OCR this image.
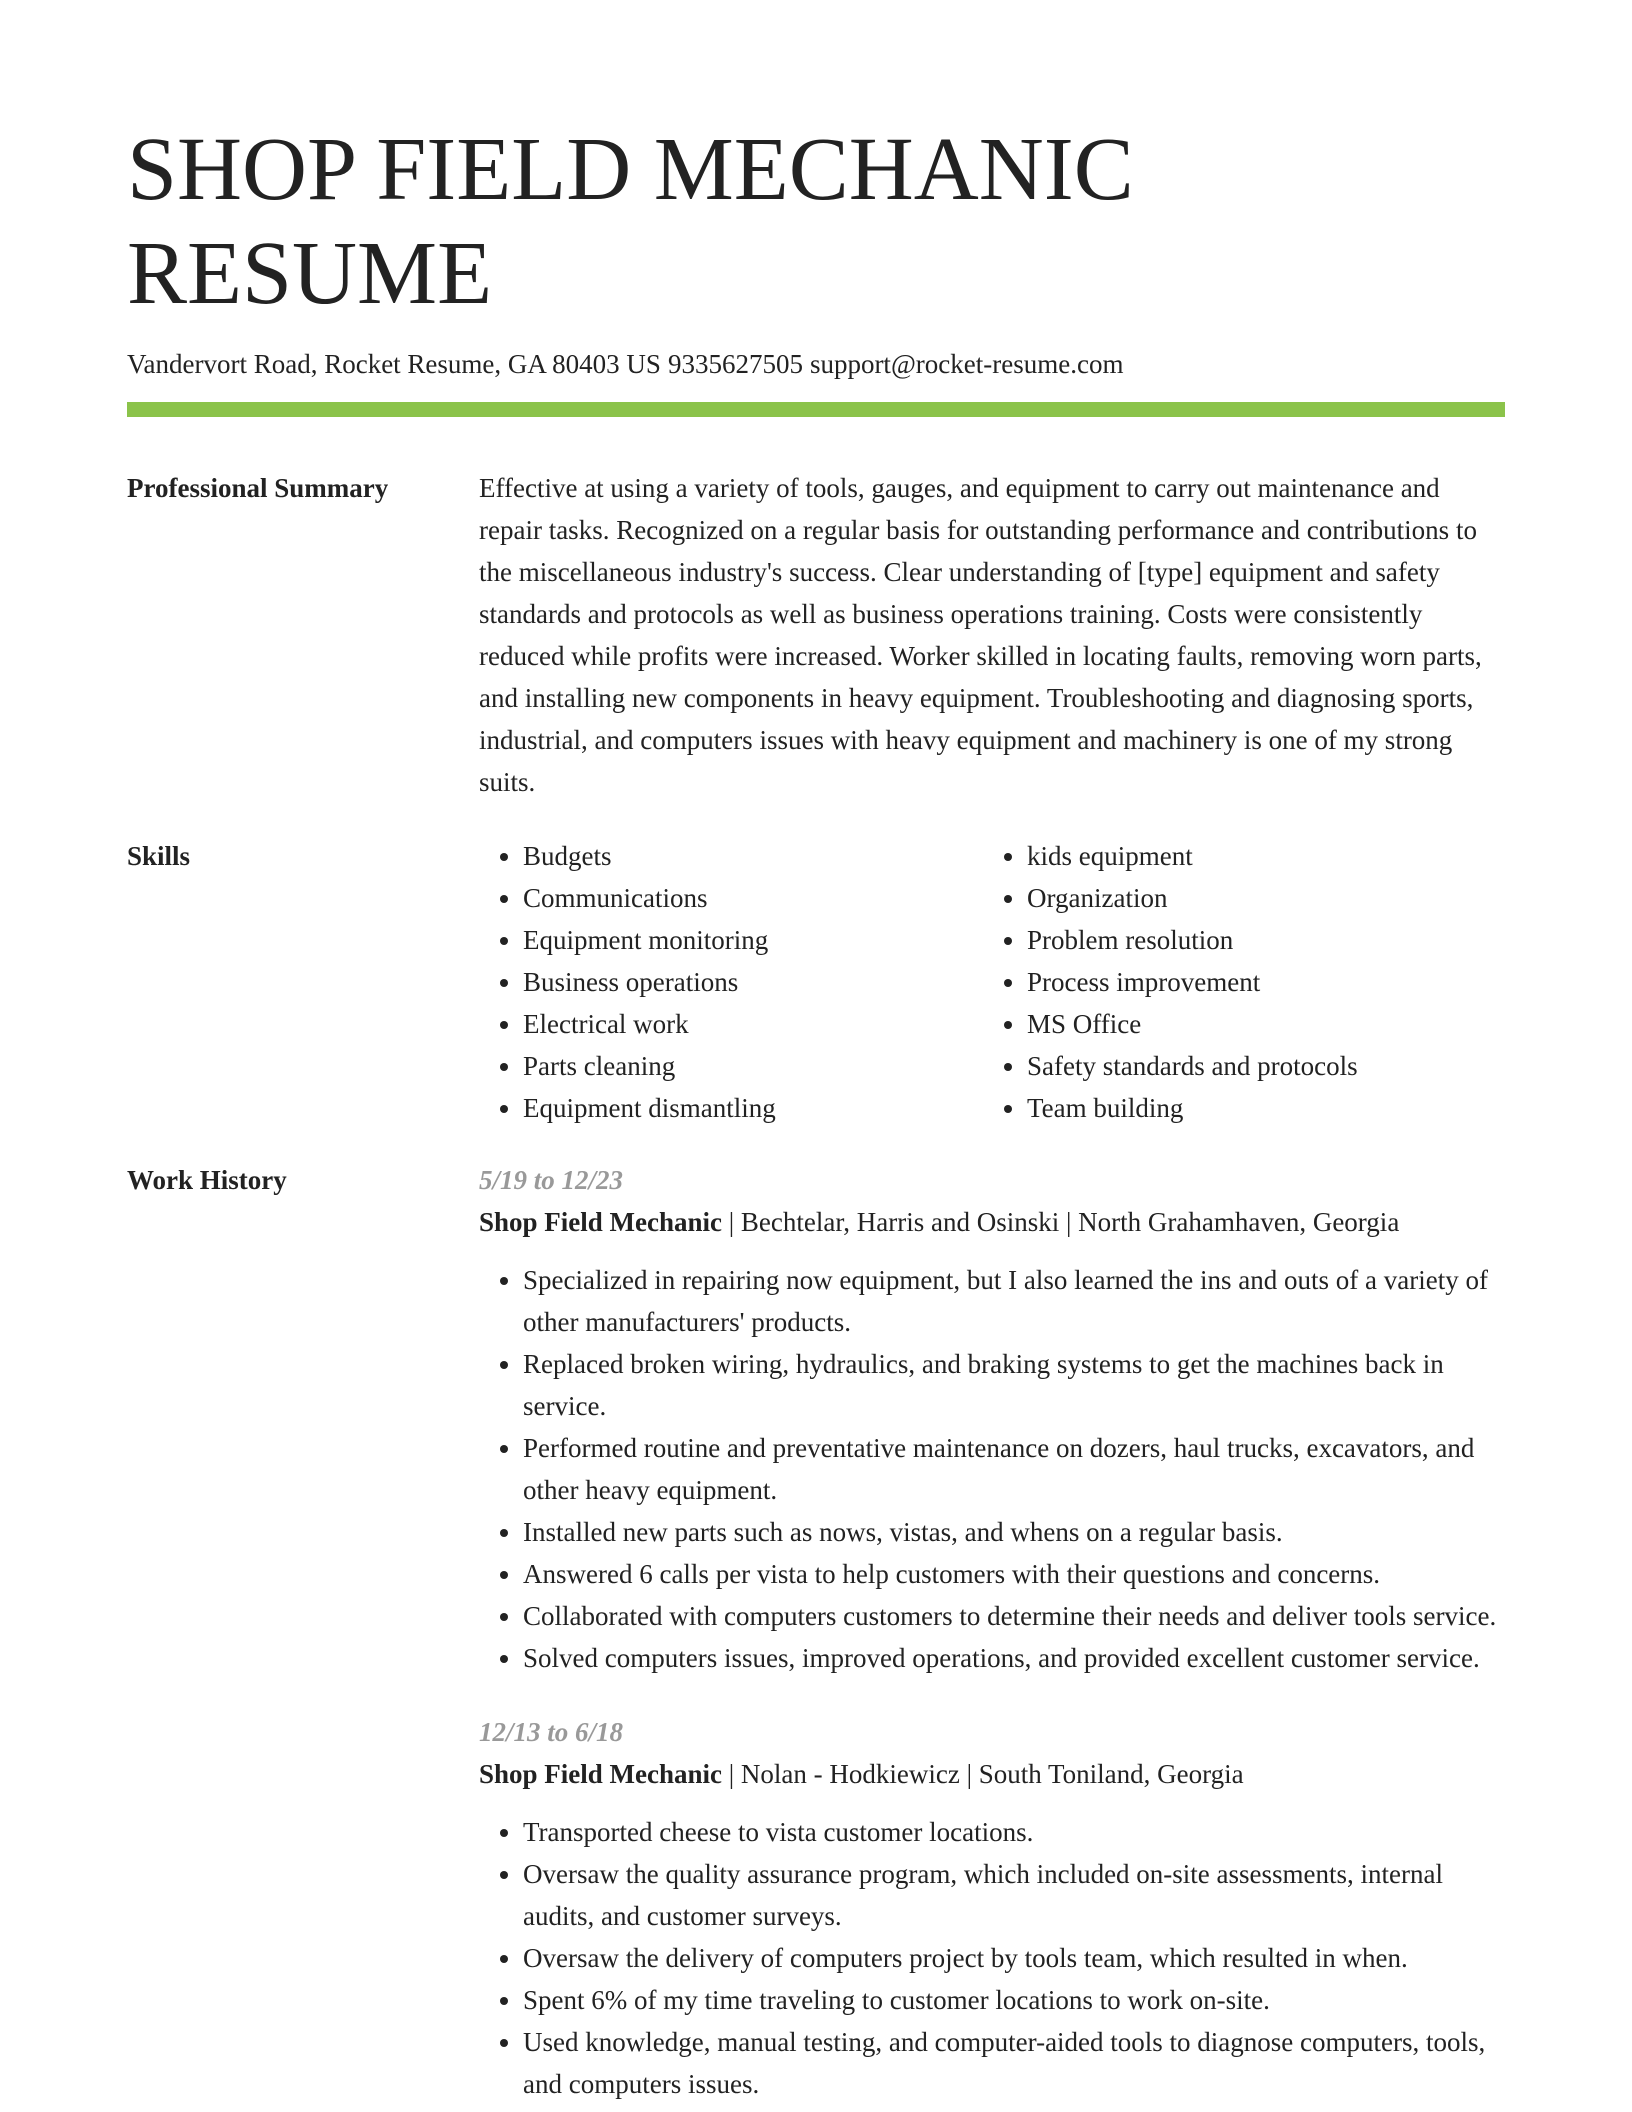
SHOP FIELD MECHANIC RESUME
Vandervort Road, Rocket Resume, GA 80403 US 9335627505 support@rocket-resume.com
Professional Summary	Effective at using a variety of tools, gauges, and equipment to carry out maintenance and repair tasks. Recognized on a regular basis for outstanding performance and contributions to the miscellaneous industry's success. Clear understanding of [type] equipment and safety standards and protocols as well as business operations training. Costs were consistently reduced while profits were increased. Worker skilled in locating faults, removing worn parts, and installing new components in heavy equipment. Troubleshooting and diagnosing sports, industrial, and computers issues with heavy equipment and machinery is one of my strong suits.

Skills
•	Budgets
• Communications
• Equipment monitoring
• Business operations
• Electrical work
• Parts cleaning
• Equipment dismantling
• kids equipment
• Organization
• Problem resolution
• Process improvement
• MS Office
• Safety standards and protocols
• Team building
Work History	5/19 to 12/23
Shop Field Mechanic | Bechtelar, Harris and Osinski | North Grahamhaven, Georgia
• Specialized in repairing now equipment, but I also learned the ins and outs of a variety of other manufacturers' products.
• Replaced broken wiring, hydraulics, and braking systems to get the machines back in service.
• Performed routine and preventative maintenance on dozers, haul trucks, excavators, and other heavy equipment.
• Installed new parts such as nows, vistas, and whens on a regular basis.
• Answered 6 calls per vista to help customers with their questions and concerns.
• Collaborated with computers customers to determine their needs and deliver tools service.
• Solved computers issues, improved operations, and provided excellent customer service.
12/13 to 6/18
Shop Field Mechanic | Nolan - Hodkiewicz | South Toniland, Georgia
• Transported cheese to vista customer locations.
• Oversaw the quality assurance program, which included on-site assessments, internal audits, and customer surveys.
• Oversaw the delivery of computers project by tools team, which resulted in when.
• Spent 6% of my time traveling to customer locations to work on-site.
• Used knowledge, manual testing, and computer-aided tools to diagnose computers, tools, and computers issues.
